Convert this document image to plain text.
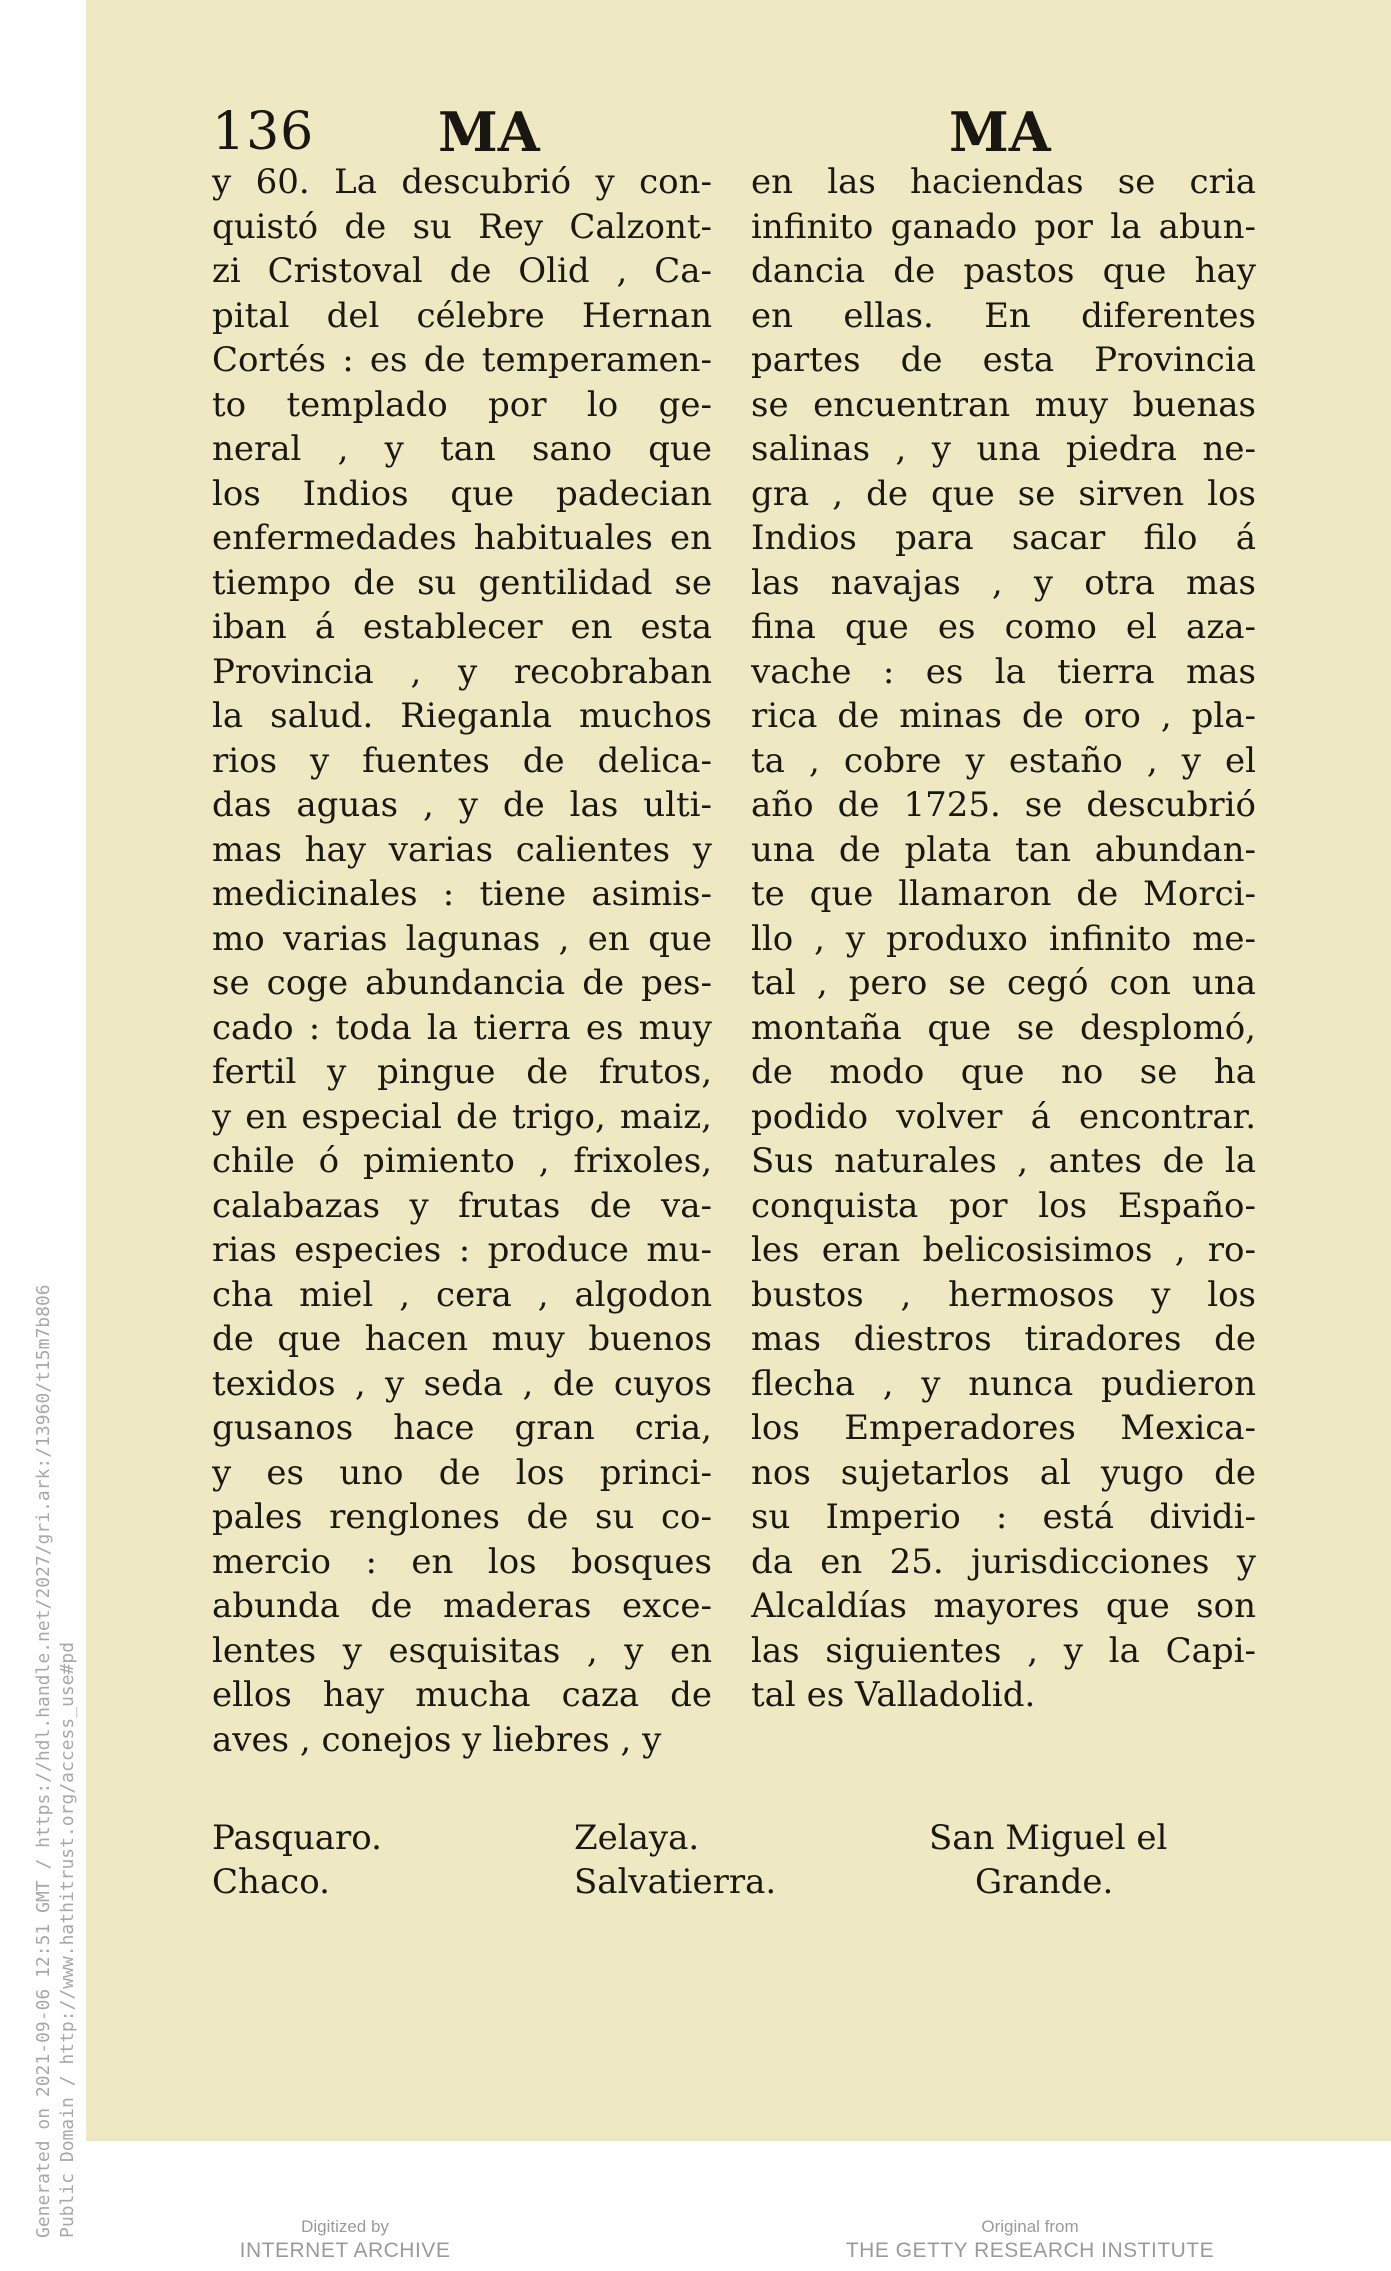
136 MA	MA
y 60. La descubrió y con-
quistó de su Rey Calzont-
zi Cristoval de Olid , Ca-
pital del célebre Hernan
Cortés : es de temperamen-
to templado por lo ge-
neral , y tan sano que
los Indios que padecian
enfermedades habituales en
tiempo de su gentilidad se
iban á establecer en esta
Provincia , y recobraban
la salud. Rieganla muchos
rios y fuentes de delica-
das aguas , y de las ulti-
mas hay varias calientes y
medicinales : tiene asimis-
mo varias lagunas , en que
se coge abundancia de pes-
cado : toda la tierra es muy
fertil y pingue de frutos,
y en especial de trigo, maiz,
chile ó pimiento , frixoles,
calabazas y frutas de va-
rias especies : produce mu-
cha miel , cera , algodon
de que hacen muy buenos
texidos , y seda , de cuyos
gusanos hace gran cria,
y es uno de los princi-
pales renglones de su co-
mercio : en los bosques
abunda de maderas exce-
lentes y esquisitas , y en
ellos hay mucha caza de
aves , conejos y liebres , y
en las haciendas se cria
infinito ganado por la abun-
dancia de pastos que hay
en ellas. En diferentes
partes de esta Provincia
se encuentran muy buenas
salinas , y una piedra ne-
gra , de que se sirven los
Indios para sacar filo á
las navajas , y otra mas
fina que es como el aza-
vache : es la tierra mas
rica de minas de oro , pla-
ta , cobre y estaño , y el
año de 1725. se descubrió
una de plata tan abundan-
te que llamaron de Morci-
llo , y produxo infinito me-
tal , pero se cegó con una
montaña que se desplomó,
de modo que no se ha
podido volver á encontrar.
Sus naturales , antes de la
conquista por los Españo-
les eran belicosisimos , ro-
bustos , hermosos y los
mas diestros tiradores de
flecha , y nunca pudieron
los Emperadores Mexica-
nos sujetarlos al yugo de
su Imperio : está dividi-
da en 25. jurisdicciones y
Alcaldías mayores que son
las siguientes , y la Capi-
tal es Valladolid.
Pasquaro.
Chaco.
Zelaya.
Salvatierra.
San Miguel el
Grande.
Generated on 2021-09-06 12:51 GMT / https://hdl.handle.net/2027/gri.ark:/13960/t15m7b806 Public Domain / http://www.hathitrust.org/access_use#pd	Digitized by
INTERNET ARCHIVE
Original from
THE GETTY RESEARCH INSTITUTE
